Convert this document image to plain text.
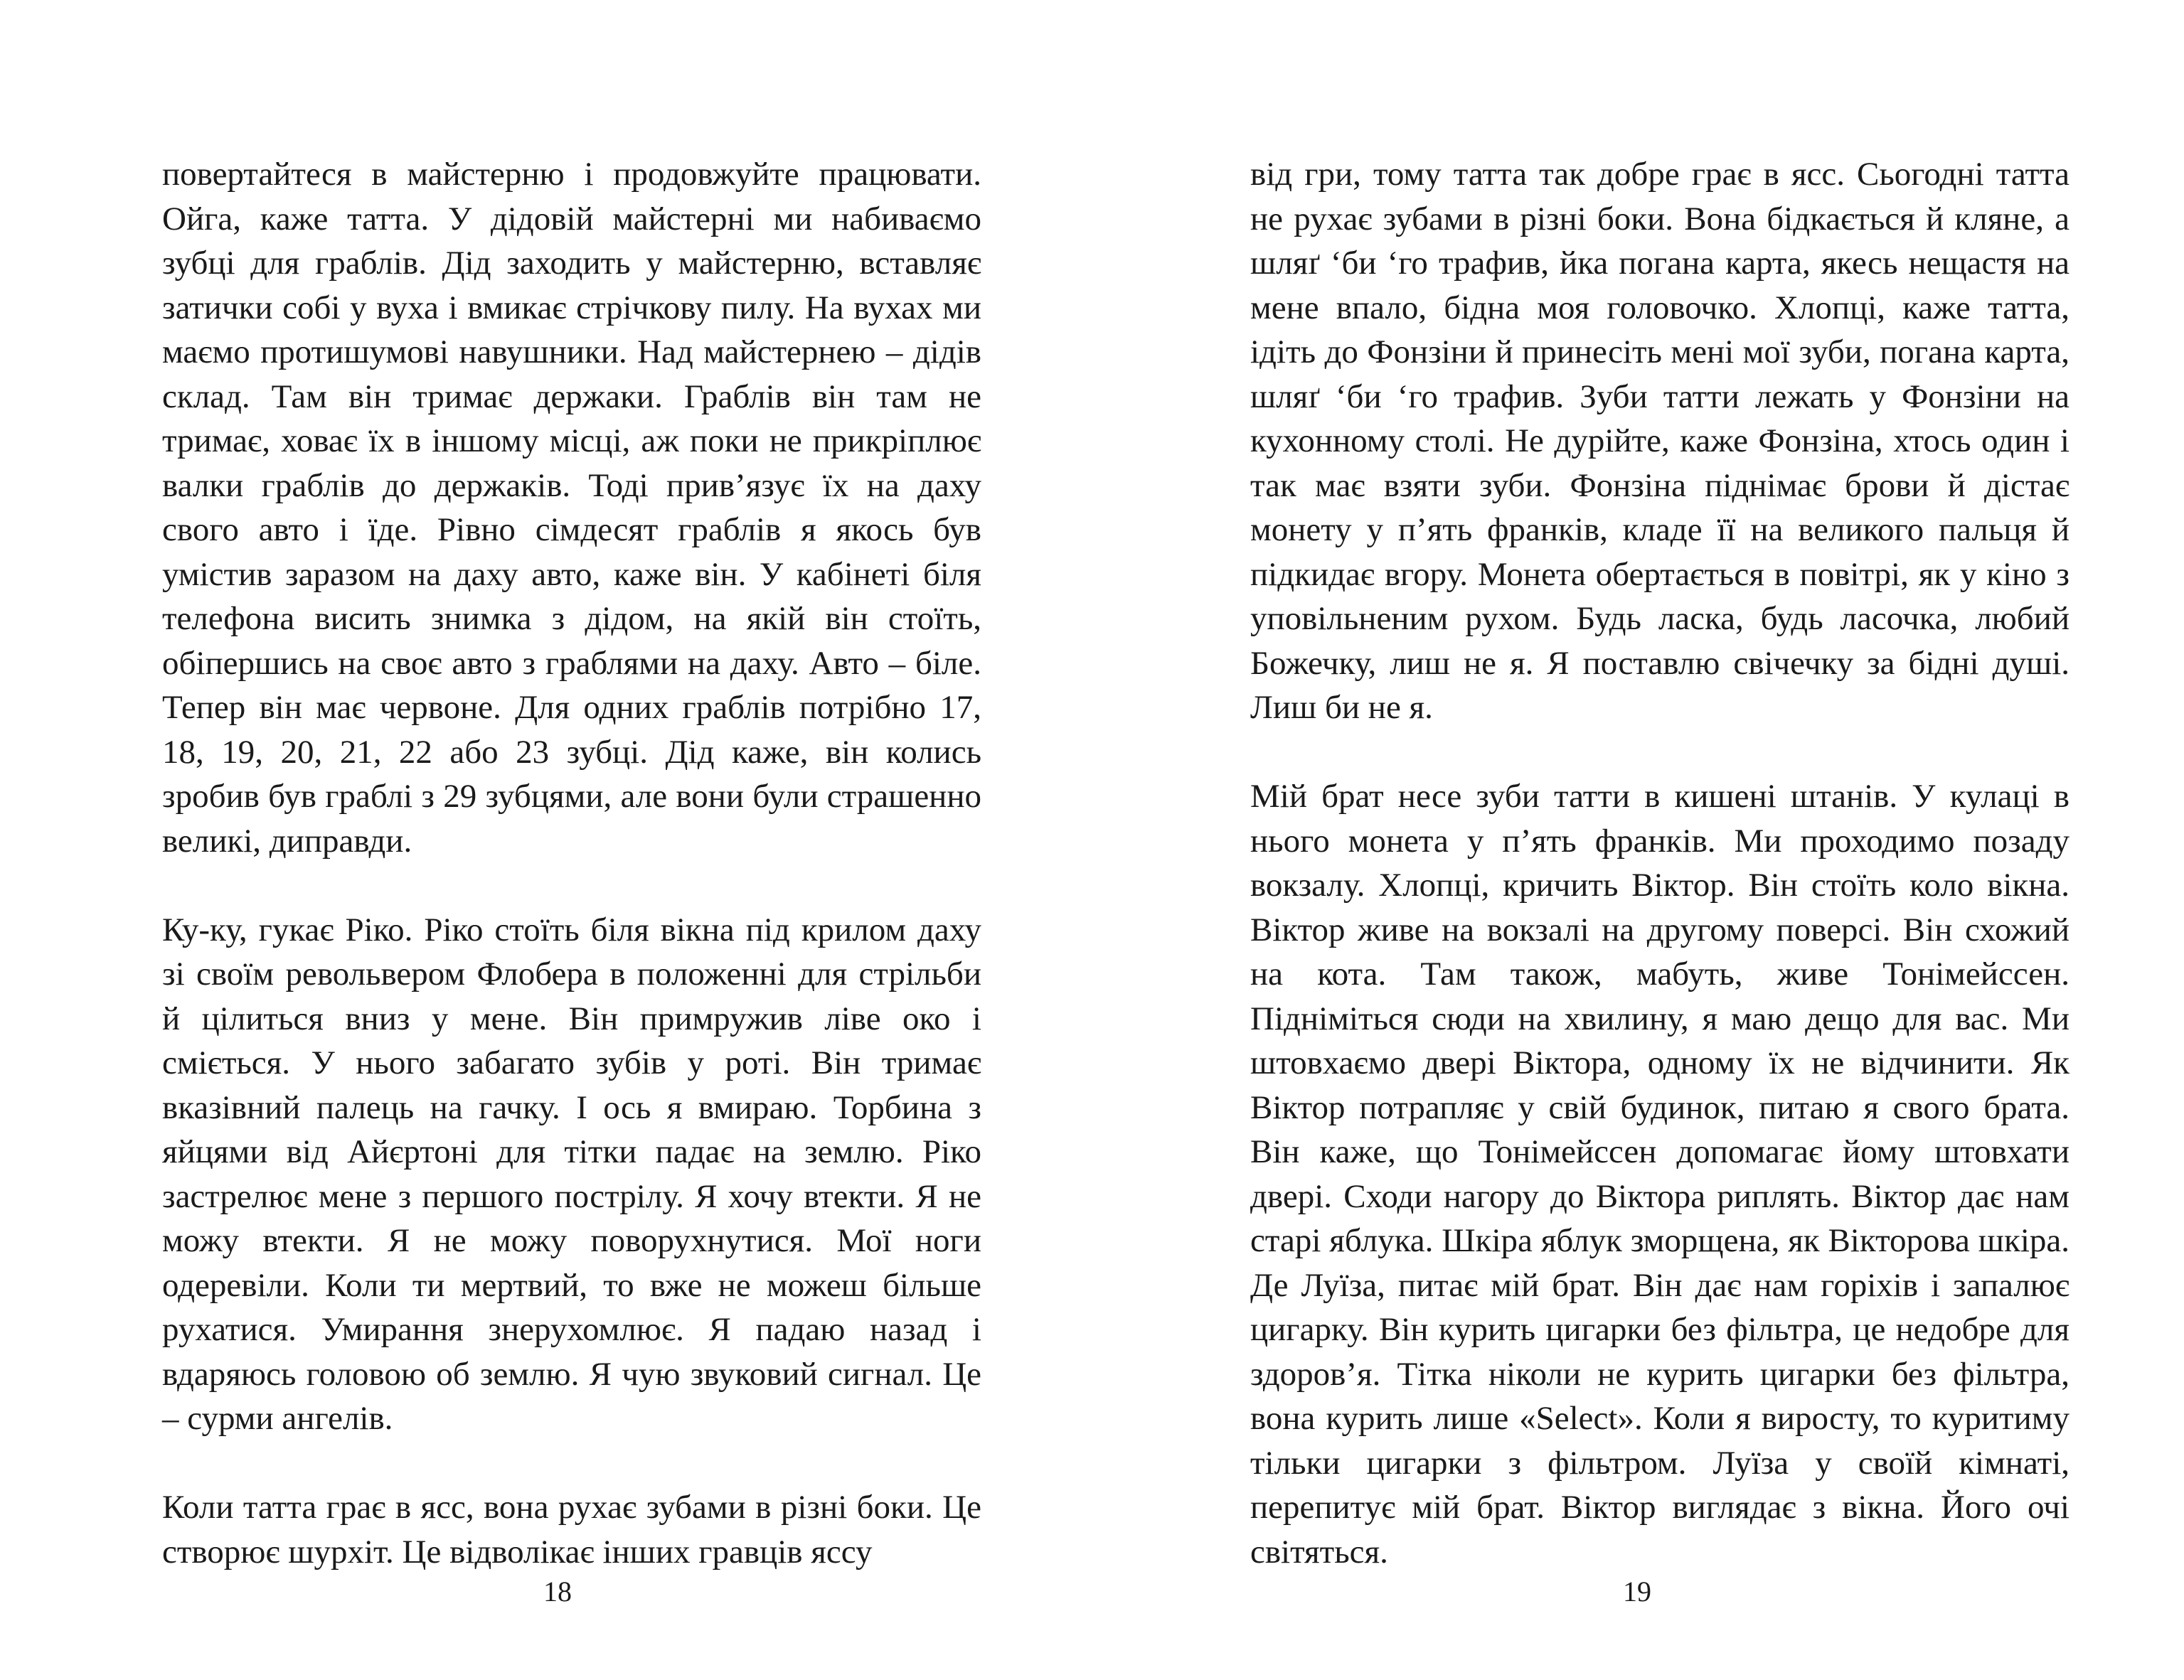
повертайтеся в майстерню і продовжуйте працювати. Ойга, каже татта. У дідовій майстерні ми набиваємо зубці для граблів. Дід заходить у майстерню, вставляє затички собі у вуха і вмикає стрічкову пилу. На вухах ми маємо протишумові навушники. Над майстернею – дідів склад. Там він тримає держаки. Граблів він там не тримає, ховає їх в іншому місці, аж поки не прикріплює валки граблів до держаків. Тоді прив’язує їх на даху свого авто і їде. Рівно сімдесят граблів я якось був умістив заразом на даху авто, каже він. У кабінеті біля телефона висить знимка з дідом, на якій він стоїть, обіпершись на своє авто з граблями на даху. Авто – біле. Тепер він має червоне. Для одних граблів потрібно 17, 18, 19, 20, 21, 22 або 23 зубці. Дід каже, він колись зробив був граблі з 29 зубцями, але вони були страшенно великі, диправди.

Ку-ку, гукає Ріко. Ріко стоїть біля вікна під крилом даху зі своїм револьвером Флобера в положенні для стрільби й цілиться вниз у мене. Він примружив ліве око і сміється. У нього забагато зубів у роті. Він тримає вказівний палець на гачку. І ось я вмираю. Торбина з яйцями від Айєртоні для тітки падає на землю. Ріко застрелює мене з першого пострілу. Я хочу втекти. Я не можу втекти. Я не можу поворухнутися. Мої ноги одеревіли. Коли ти мертвий, то вже не можеш більше рухатися. Умирання знерухомлює. Я падаю назад і вдаряюсь головою об землю. Я чую звуковий сигнал. Це – сурми ангелів.

Коли татта грає в ясс, вона рухає зубами в різні боки. Це створює шурхіт. Це відволікає інших гравців яссу

18

від гри, тому татта так добре грає в ясс. Сьогодні татта не рухає зубами в різні боки. Вона бідкається й кляне, а шляґ ‘би ‘го трафив, йка погана карта, якесь нещастя на мене впало, бідна моя головочко. Хлопці, каже татта, ідіть до Фонзіни й принесіть мені мої зуби, погана карта, шляґ ‘би ‘го трафив. Зуби татти лежать у Фонзіни на кухонному столі. Не дурійте, каже Фонзіна, хтось один і так має взяти зуби. Фонзіна піднімає брови й дістає монету у п’ять франків, кладе її на великого пальця й підкидає вгору. Монета обертається в повітрі, як у кіно з уповільненим рухом. Будь ласка, будь ласочка, любий Божечку, лиш не я. Я поставлю свічечку за бідні душі. Лиш би не я.

Мій брат несе зуби татти в кишені штанів. У кулаці в нього монета у п’ять франків. Ми проходимо позаду вокзалу. Хлопці, кричить Віктор. Він стоїть коло вікна. Віктор живе на вокзалі на другому поверсі. Він схожий на кота. Там також, мабуть, живе Тонімейссен. Підніміться сюди на хвилину, я маю дещо для вас. Ми штовхаємо двері Віктора, одному їх не відчинити. Як Віктор потрапляє у свій будинок, питаю я свого брата. Він каже, що Тонімейссен допомагає йому штовхати двері. Сходи нагору до Віктора риплять. Віктор дає нам старі яблука. Шкіра яблук зморщена, як Вікторова шкіра. Де Луїза, питає мій брат. Він дає нам горіхів і запалює цигарку. Він курить цигарки без фільтра, це недобре для здоров’я. Тітка ніколи не курить цигарки без фільтра, вона курить лише «Select». Коли я виросту, то куритиму тільки цигарки з фільтром. Луїза у своїй кімнаті, перепитує мій брат. Віктор виглядає з вікна. Його очі світяться.

19
